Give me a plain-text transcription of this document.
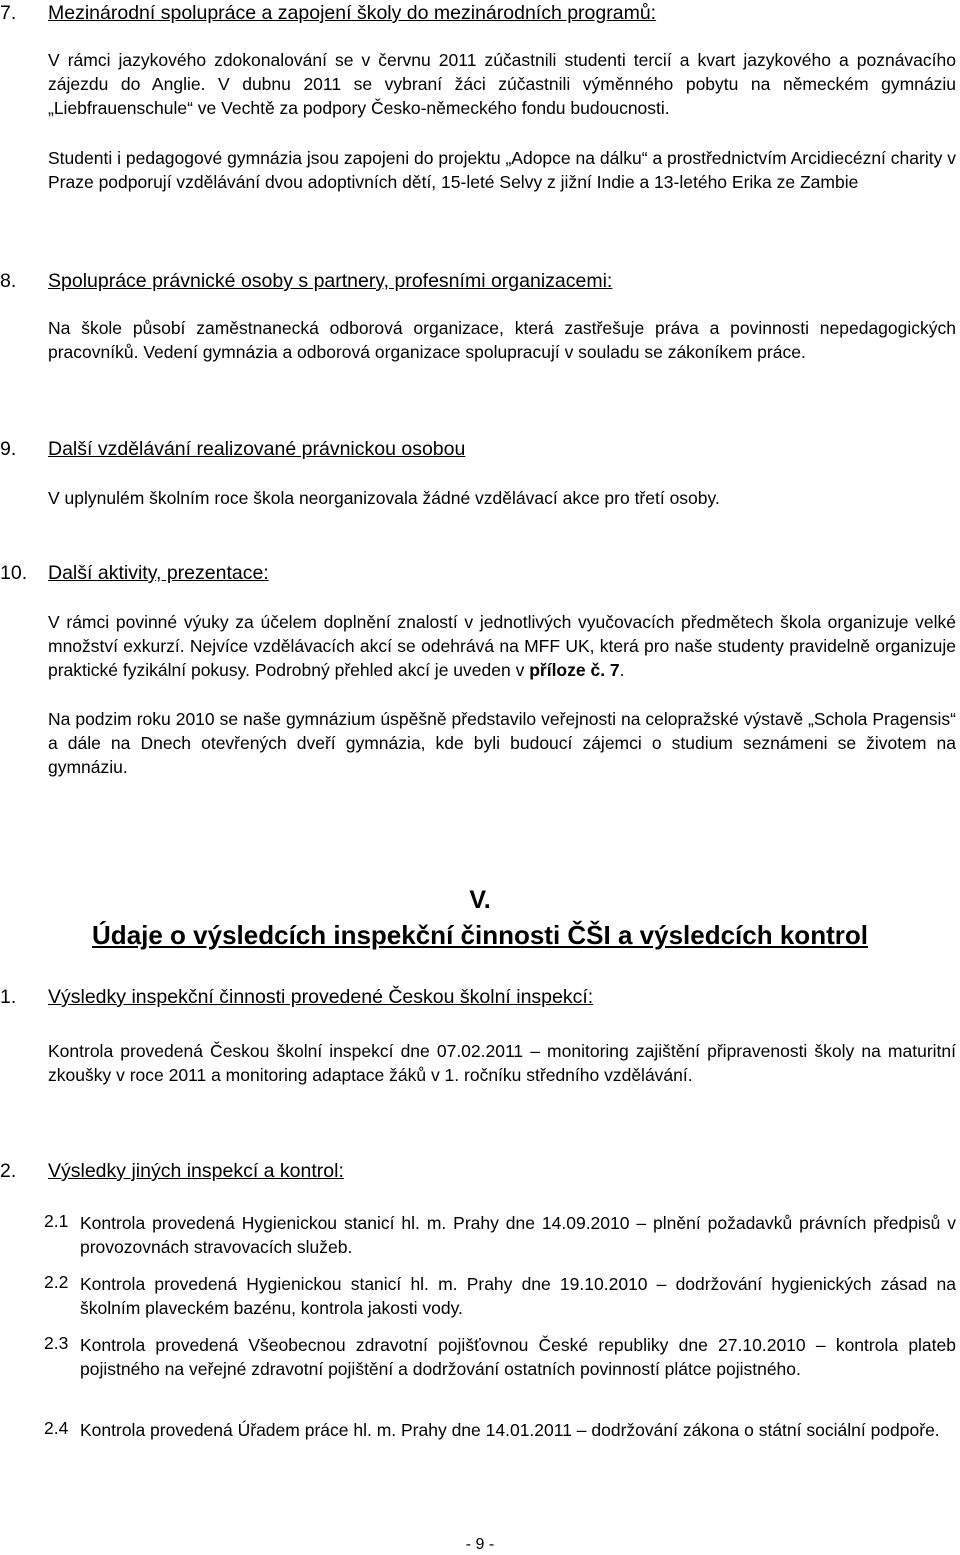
7. Mezinárodní spolupráce a zapojení školy do mezinárodních programů:

V rámci jazykového zdokonalování se v červnu 2011 zúčastnili studenti tercií a kvart jazykového a poznávacího zájezdu do Anglie. V dubnu 2011 se vybraní žáci zúčastnili výměnného pobytu na německém gymnáziu „Liebfrauenschule“ ve Vechtě za podpory Česko-německého fondu budoucnosti.

Studenti i pedagogové gymnázia jsou zapojeni do projektu „Adopce na dálku“ a prostřednictvím Arcidiecézní charity v Praze podporují vzdělávání dvou adoptivních dětí, 15-leté Selvy z jižní Indie a 13-letého Erika ze Zambie

8. Spolupráce právnické osoby s partnery, profesními organizacemi:

Na škole působí zaměstnanecká odborová organizace, která zastřešuje práva a povinnosti nepedagogických pracovníků. Vedení gymnázia a odborová organizace spolupracují v souladu se zákoníkem práce.

9. Další vzdělávání realizované právnickou osobou

V uplynulém školním roce škola neorganizovala žádné vzdělávací akce pro třetí osoby.

10. Další aktivity, prezentace:

V rámci povinné výuky za účelem doplnění znalostí v jednotlivých vyučovacích předmětech škola organizuje velké množství exkurzí. Nejvíce vzdělávacích akcí se odehrává na MFF UK, která pro naše studenty pravidelně organizuje praktické fyzikální pokusy. Podrobný přehled akcí je uveden v příloze č. 7.

Na podzim roku 2010 se naše gymnázium úspěšně představilo veřejnosti na celopražské výstavě „Schola Pragensis“ a dále na Dnech otevřených dveří gymnázia, kde byli budoucí zájemci o studium seznámeni se životem na gymnáziu.

V.
Údaje o výsledcích inspekční činnosti ČŠI a výsledcích kontrol
1. Výsledky inspekční činnosti provedené Českou školní inspekcí:

Kontrola provedená Českou školní inspekcí dne 07.02.2011 – monitoring zajištění připravenosti školy na maturitní zkoušky v roce 2011 a monitoring adaptace žáků v 1. ročníku středního vzdělávání.

2. Výsledky jiných inspekcí a kontrol:
2.1 Kontrola provedená Hygienickou stanicí hl. m. Prahy dne 14.09.2010 – plnění požadavků právních předpisů v provozovnách stravovacích služeb.
2.2 Kontrola provedená Hygienickou stanicí hl. m. Prahy dne 19.10.2010 – dodržování hygienických zásad na školním plaveckém bazénu, kontrola jakosti vody.
2.3 Kontrola provedená Všeobecnou zdravotní pojišťovnou České republiky dne 27.10.2010 – kontrola plateb pojistného na veřejné zdravotní pojištění a dodržování ostatních povinností plátce pojistného.
2.4 Kontrola provedená Úřadem práce hl. m. Prahy dne 14.01.2011 – dodržování zákona o státní sociální podpoře.
- 9 -
